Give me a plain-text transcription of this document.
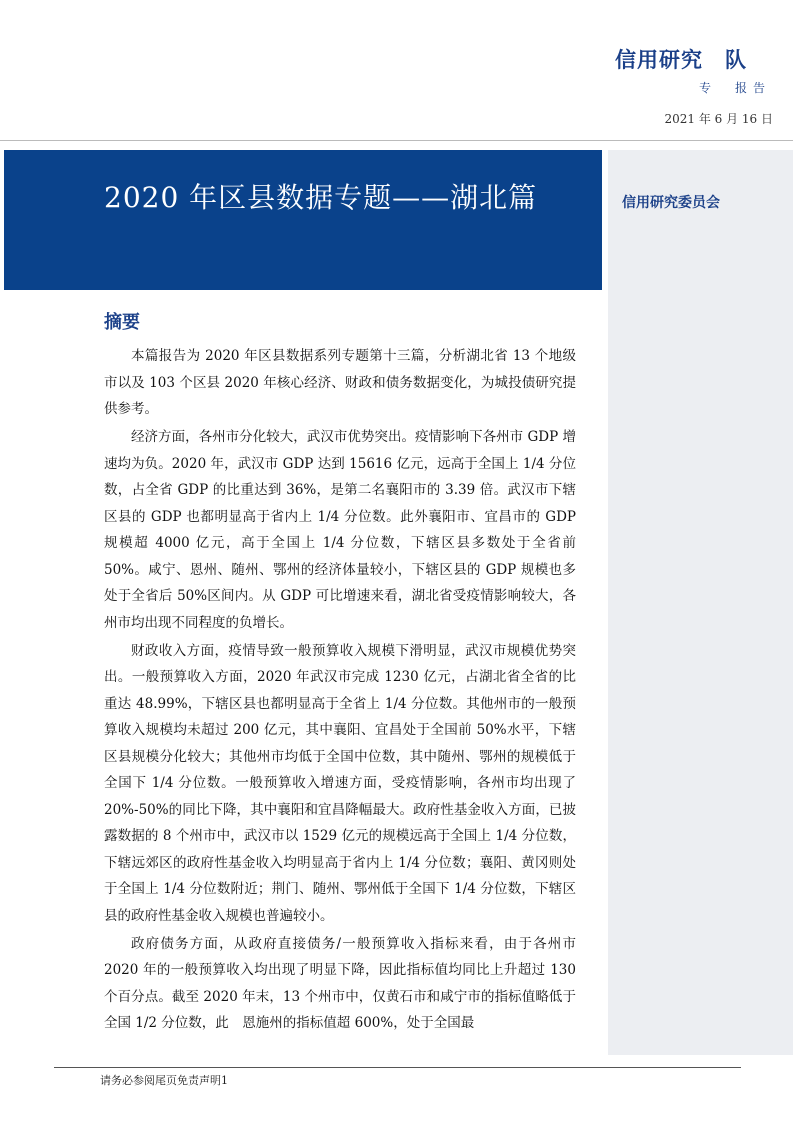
信用研究　队
专　报告
2021 年 6 月 16 日
2020 年区县数据专题——湖北篇	信用研究委员会
摘要

本篇报告为 2020 年区县数据系列专题第十三篇，分析湖北省 13 个地级市以及 103 个区县 2020 年核心经济、财政和债务数据变化，为城投债研究提供参考。

经济方面，各州市分化较大，武汉市优势突出。疫情影响下各州市 GDP 增速均为负。2020 年，武汉市 GDP 达到 15616 亿元，远高于全国上 1/4 分位数，占全省 GDP 的比重达到 36%，是第二名襄阳市的 3.39 倍。武汉市下辖区县的 GDP 也都明显高于省内上 1/4 分位数。此外襄阳市、宜昌市的 GDP 规模超 4000 亿元，高于全国上 1/4 分位数，下辖区县多数处于全省前 50%。咸宁、恩州、随州、鄂州的经济体量较小，下辖区县的 GDP 规模也多处于全省后 50%区间内。从 GDP 可比增速来看，湖北省受疫情影响较大，各州市均出现不同程度的负增长。

财政收入方面，疫情导致一般预算收入规模下滑明显，武汉市规模优势突出。一般预算收入方面，2020 年武汉市完成 1230 亿元，占湖北省全省的比重达 48.99%，下辖区县也都明显高于全省上 1/4 分位数。其他州市的一般预算收入规模均未超过 200 亿元，其中襄阳、宜昌处于全国前 50%水平，下辖区县规模分化较大；其他州市均低于全国中位数，其中随州、鄂州的规模低于全国下 1/4 分位数。一般预算收入增速方面，受疫情影响，各州市均出现了 20%-50%的同比下降，其中襄阳和宜昌降幅最大。政府性基金收入方面，已披露数据的 8 个州市中，武汉市以 1529 亿元的规模远高于全国上 1/4 分位数，下辖远郊区的政府性基金收入均明显高于省内上 1/4 分位数；襄阳、黄冈则处于全国上 1/4 分位数附近；荆门、随州、鄂州低于全国下 1/4 分位数，下辖区县的政府性基金收入规模也普遍较小。

政府债务方面，从政府直接债务/一般预算收入指标来看，由于各州市 2020 年的一般预算收入均出现了明显下降，因此指标值均同比上升超过 130 个百分点。截至 2020 年末，13 个州市中，仅黄石市和咸宁市的指标值略低于全国 1/2 分位数，此　恩施州的指标值超 600%，处于全国最

请务必参阅尾页免责声明1
